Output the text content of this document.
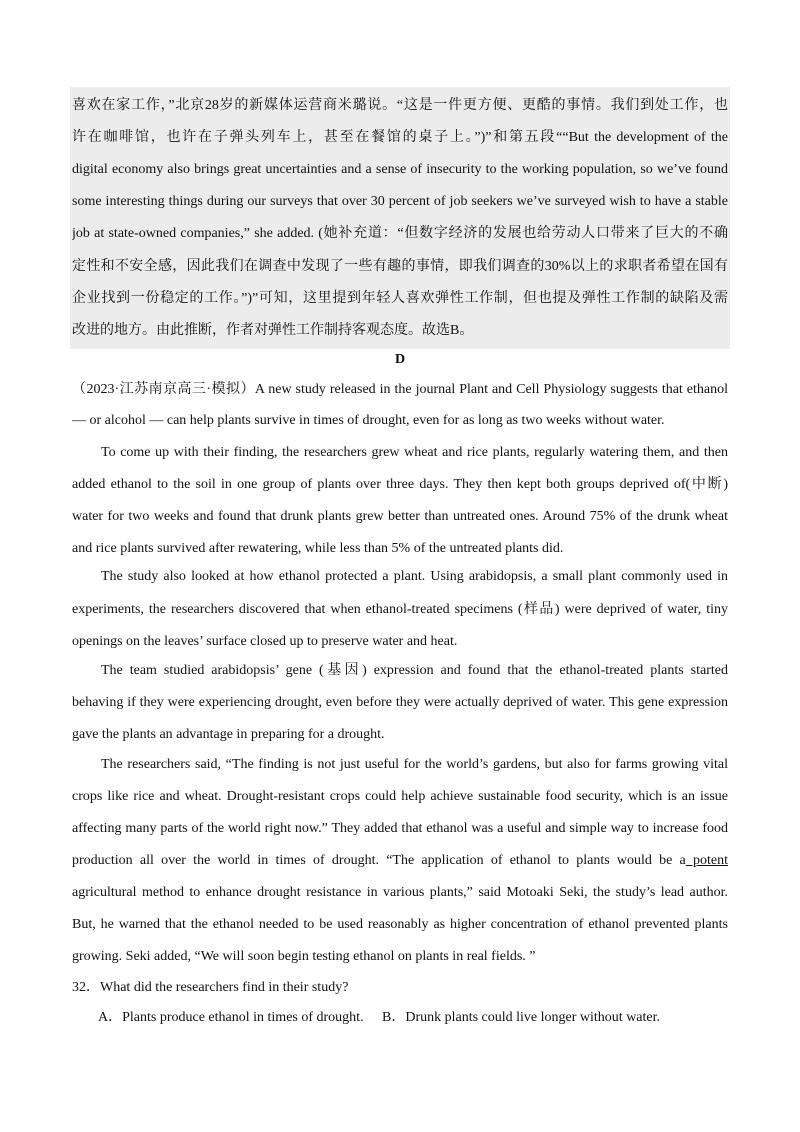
喜欢在家工作，”北京28岁的新媒体运营商米璐说。“这是一件更方便、更酷的事情。我们到处工作，也
许在咖啡馆，也许在子弹头列车上，甚至在餐馆的桌子上。”)”和第五段““But the development of the
digital economy also brings great uncertainties and a sense of insecurity to the working population, so we’ve found
some interesting things during our surveys that over 30 percent of job seekers we’ve surveyed wish to have a stable
job at state-owned companies,” she added. (她补充道：“但数字经济的发展也给劳动人口带来了巨大的不确
定性和不安全感，因此我们在调查中发现了一些有趣的事情，即我们调查的30%以上的求职者希望在国有
企业找到一份稳定的工作。”)”可知，这里提到年轻人喜欢弹性工作制，但也提及弹性工作制的缺陷及需
改进的地方。由此推断，作者对弹性工作制持客观态度。故选B。
D
（2023·江苏南京高三·模拟）A new study released in the journal Plant and Cell Physiology suggests that ethanol
— or alcohol — can help plants survive in times of drought, even for as long as two weeks without water.
To come up with their finding, the researchers grew wheat and rice plants, regularly watering them, and then
added ethanol to the soil in one group of plants over three days. They then kept both groups deprived of(中断)
water for two weeks and found that drunk plants grew better than untreated ones. Around 75% of the drunk wheat
and rice plants survived after rewatering, while less than 5% of the untreated plants did.
The study also looked at how ethanol protected a plant. Using arabidopsis, a small plant commonly used in
experiments, the researchers discovered that when ethanol-treated specimens (样品) were deprived of water, tiny
openings on the leaves’ surface closed up to preserve water and heat.
The team studied arabidopsis’ gene (基因) expression and found that the ethanol-treated plants started
behaving if they were experiencing drought, even before they were actually deprived of water. This gene expression
gave the plants an advantage in preparing for a drought.
The researchers said, “The finding is not just useful for the world’s gardens, but also for farms growing vital
crops like rice and wheat. Drought-resistant crops could help achieve sustainable food security, which is an issue
affecting many parts of the world right now.” They added that ethanol was a useful and simple way to increase food
production all over the world in times of drought. “The application of ethanol to plants would be a potent
agricultural method to enhance drought resistance in various plants,” said Motoaki Seki, the study’s lead author.
But, he warned that the ethanol needed to be used reasonably as higher concentration of ethanol prevented plants
growing. Seki added, “We will soon begin testing ethanol on plants in real fields. ”
32．What did the researchers find in their study?
A．Plants produce ethanol in times of drought.	B．Drunk plants could live longer without water.
